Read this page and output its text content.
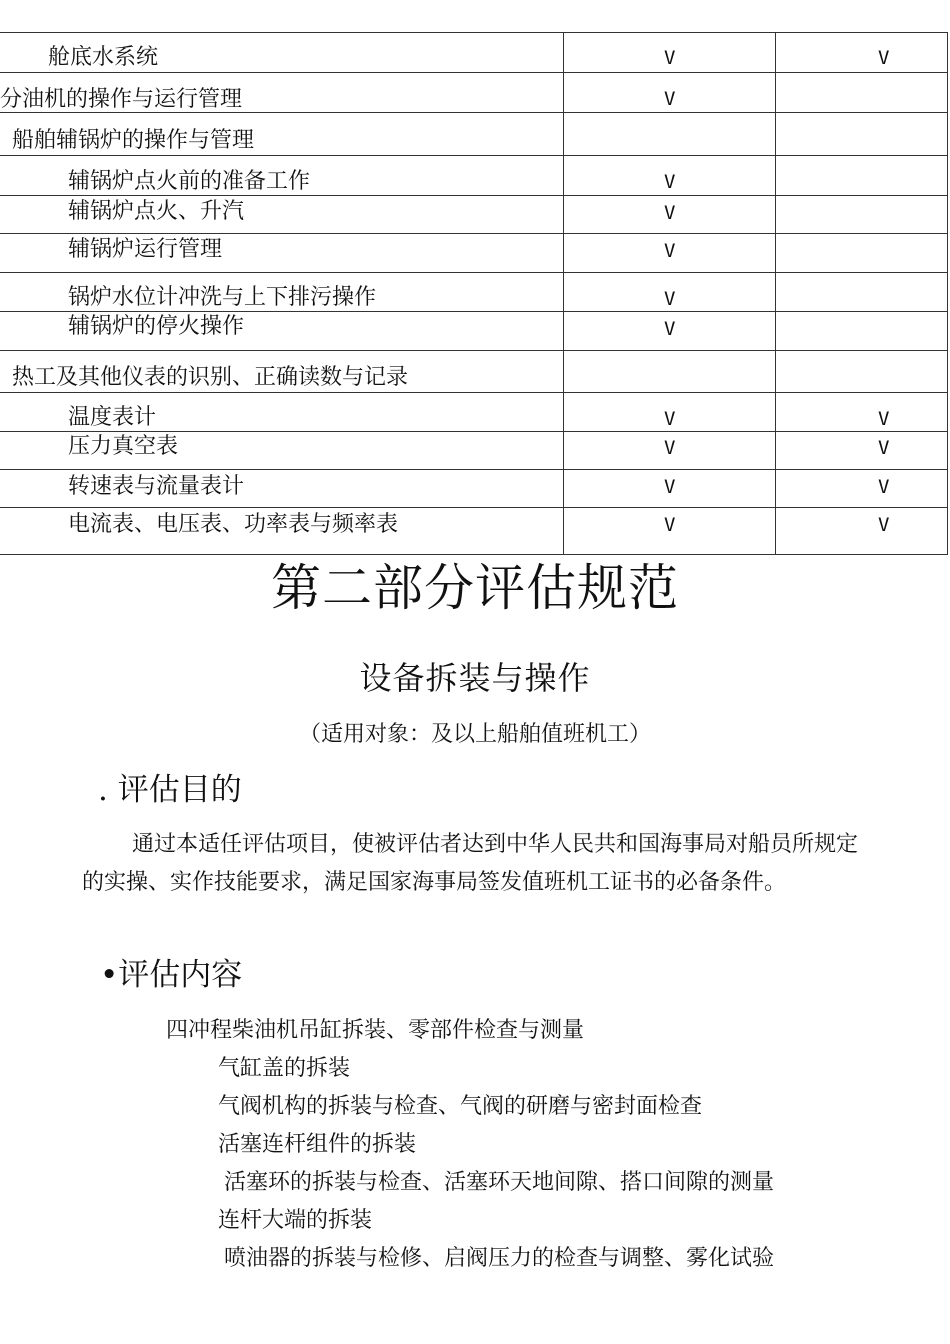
舱底水系统	V	V
分油机的操作与运行管理	V
船舶辅锅炉的操作与管理
辅锅炉点火前的准备工作	V
辅锅炉点火、升汽	V
辅锅炉运行管理	V
锅炉水位计冲洗与上下排污操作	V
辅锅炉的停火操作	V
热工及其他仪表的识别、正确读数与记录
温度表计	V	V
压力真空表	V	V
转速表与流量表计	V	V
电流表、电压表、功率表与频率表	V	V
第二部分评估规范
设备拆装与操作
（适用对象：及以上船舶值班机工）
. 评估目的
通过本适任评估项目，使被评估者达到中华人民共和国海事局对船员所规定的实操、实作技能要求，满足国家海事局签发值班机工证书的必备条件。
•评估内容
四冲程柴油机吊缸拆装、零部件检查与测量
气缸盖的拆装
气阀机构的拆装与检查、气阀的研磨与密封面检查
活塞连杆组件的拆装
活塞环的拆装与检查、活塞环天地间隙、搭口间隙的测量
连杆大端的拆装
喷油器的拆装与检修、启阀压力的检查与调整、雾化试验
